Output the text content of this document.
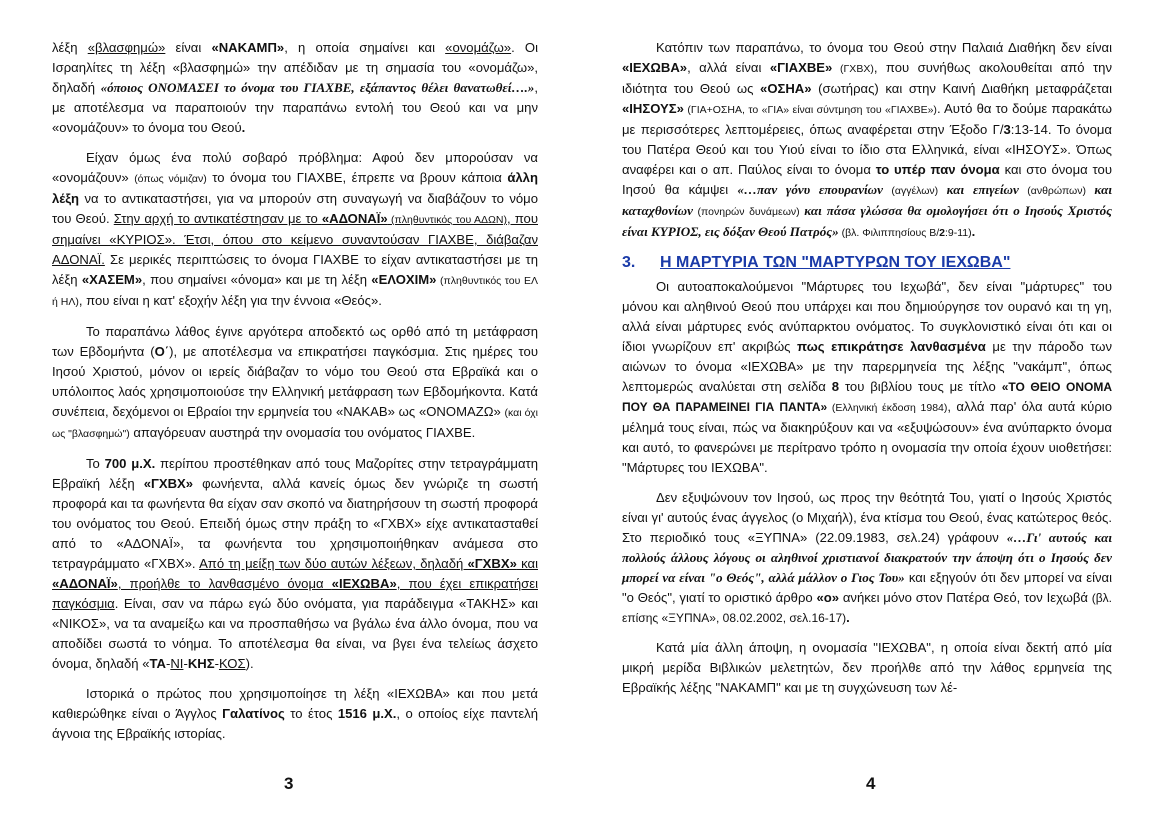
λέξη «βλασφημώ» είναι «ΝΑΚΑΜΠ», η οποία σημαίνει και «ονομάζω». Οι Ισραηλίτες τη λέξη «βλασφημώ» την απέδιδαν με τη σημασία του «ονομάζω», δηλαδή «όποιος ΟΝΟΜΑΣΕΙ το όνομα του ΓΙΑΧΒΕ, εξάπαντος θέλει θανατωθεί….», με αποτέλεσμα να παραποιούν την παραπάνω εντολή του Θεού και να μην «ονομάζουν» το όνομα του Θεού.

Είχαν όμως ένα πολύ σοβαρό πρόβλημα: Αφού δεν μπορούσαν να «ονομάζουν» (όπως νόμιζαν) το όνομα του ΓΙΑΧΒΕ, έπρεπε να βρουν κάποια άλλη λέξη να το αντικαταστήσει, για να μπορούν στη συναγωγή να διαβάζουν το νόμο του Θεού. Στην αρχή το αντικατέστησαν με το «ΑΔΟΝΑΪ» (πληθυντικός του ΑΔΩΝ), που σημαίνει «ΚΥΡΙΟΣ». Έτσι, όπου στο κείμενο συναντούσαν ΓΙΑΧΒΕ, διάβαζαν ΑΔΟΝΑΪ. Σε μερικές περιπτώσεις το όνομα ΓΙΑΧΒΕ το είχαν αντικαταστήσει με τη λέξη «ΧΑΣΕΜ», που σημαίνει «όνομα» και με τη λέξη «ΕΛΟΧΙΜ» (πληθυντικός του ΕΛ ή ΗΛ), που είναι η κατ' εξοχήν λέξη για την έννοια «Θεός».

Το παραπάνω λάθος έγινε αργότερα αποδεκτό ως ορθό από τη μετάφραση των Εβδομήντα (Ο΄), με αποτέλεσμα να επικρατήσει παγκόσμια. Στις ημέρες του Ιησού Χριστού, μόνον οι ιερείς διάβαζαν το νόμο του Θεού στα Εβραϊκά και ο υπόλοιπος λαός χρησιμοποιούσε την Ελληνική μετάφραση των Εβδομήκοντα. Κατά συνέπεια, δεχόμενοι οι Εβραίοι την ερμηνεία του «ΝΑΚΑΒ» ως «ΟΝΟΜΑΖΩ» (και όχι ως "βλασφημώ") απαγόρευαν αυστηρά την ονομασία του ονόματος ΓΙΑΧΒΕ.

Το 700 μ.Χ. περίπου προστέθηκαν από τους Μαζορίτες στην τετραγράμματη Εβραϊκή λέξη «ΓΧΒΧ» φωνήεντα, αλλά κανείς όμως δεν γνώριζε τη σωστή προφορά και τα φωνήεντα θα είχαν σαν σκοπό να διατηρήσουν τη σωστή προφορά του ονόματος του Θεού. Επειδή όμως στην πράξη το «ΓΧΒΧ» είχε αντικατασταθεί από το «ΑΔΟΝΑΪ», τα φωνήεντα του χρησιμοποιήθηκαν ανάμεσα στο τετραγράμματο «ΓΧΒΧ». Από τη μείξη των δύο αυτών λέξεων, δηλαδή «ΓΧΒΧ» και «ΑΔΟΝΑΪ», προήλθε το λανθασμένο όνομα «ΙΕΧΩΒΑ», που έχει επικρατήσει παγκόσμια. Είναι, σαν να πάρω εγώ δύο ονόματα, για παράδειγμα «ΤΑΚΗΣ» και «ΝΙΚΟΣ», να τα αναμείξω και να προσπαθήσω να βγάλω ένα άλλο όνομα, που να αποδίδει σωστά το νόημα. Το αποτέλεσμα θα είναι, να βγει ένα τελείως άσχετο όνομα, δηλαδή «ΤΑ-ΝΙ-ΚΗΣ-ΚΟΣ).

Ιστορικά ο πρώτος που χρησιμοποίησε τη λέξη «ΙΕΧΩΒΑ» και που μετά καθιερώθηκε είναι ο Άγγλος Γαλατίνος το έτος 1516 μ.Χ., ο οποίος είχε παντελή άγνοια της Εβραϊκής ιστορίας.

3

Κατόπιν των παραπάνω, το όνομα του Θεού στην Παλαιά Διαθήκη δεν είναι «ΙΕΧΩΒΑ», αλλά είναι «ΓΙΑΧΒΕ» (ΓΧΒΧ), που συνήθως ακολουθείται από την ιδιότητα του Θεού ως «ΟΣΗΑ» (σωτήρας) και στην Καινή Διαθήκη μεταφράζεται «ΙΗΣΟΥΣ» (ΓΙΑ+ΟΣΗΑ, το «ΓΙΑ» είναι σύντμηση του «ΓΙΑΧΒΕ»). Αυτό θα το δούμε παρακάτω με περισσότερες λεπτομέρειες, όπως αναφέρεται στην Έξοδο Γ/3:13-14. Το όνομα του Πατέρα Θεού και του Υιού είναι το ίδιο στα Ελληνικά, είναι «ΙΗΣΟΥΣ». Όπως αναφέρει και ο απ. Παύλος είναι το όνομα το υπέρ παν όνομα και στο όνομα του Ιησού θα κάμψει «…παν γόνυ επουρανίων (αγγέλων) και επιγείων (ανθρώπων) και καταχθονίων (πονηρών δυνάμεων) και πάσα γλώσσα θα ομολογήσει ότι ο Ιησούς Χριστός είναι ΚΥΡΙΟΣ, εις δόξαν Θεού Πατρός» (βλ. Φιλιππησίους Β/2:9-11).

3.	Η ΜΑΡΤΥΡΙΑ ΤΩΝ "ΜΑΡΤΥΡΩΝ ΤΟΥ ΙΕΧΩΒΑ"

Οι αυτοαποκαλούμενοι "Μάρτυρες του Ιεχωβά", δεν είναι "μάρτυρες" του μόνου και αληθινού Θεού που υπάρχει και που δημιούργησε τον ουρανό και τη γη, αλλά είναι μάρτυρες ενός ανύπαρκτου ονόματος. Το συγκλονιστικό είναι ότι και οι ίδιοι γνωρίζουν επ' ακριβώς πως επικράτησε λανθασμένα με την πάροδο των αιώνων το όνομα «ΙΕΧΩΒΑ» με την παρερμηνεία της λέξης "νακάμπ", όπως λεπτομερώς αναλύεται στη σελίδα 8 του βιβλίου τους με τίτλο «ΤΟ ΘΕΙΟ ΟΝΟΜΑ ΠΟΥ ΘΑ ΠΑΡΑΜΕΙΝΕΙ ΓΙΑ ΠΑΝΤΑ» (Ελληνική έκδοση 1984), αλλά παρ' όλα αυτά κύριο μέλημά τους είναι, πώς να διακηρύξουν και να «εξυψώσουν» ένα ανύπαρκτο όνομα και αυτό, το φανερώνει με περίτρανο τρόπο η ονομασία την οποία έχουν υιοθετήσει: "Μάρτυρες του ΙΕΧΩΒΑ".

Δεν εξυψώνουν τον Ιησού, ως προς την θεότητά Του, γιατί ο Ιησούς Χριστός είναι γι' αυτούς ένας άγγελος (ο Μιχαήλ), ένα κτίσμα του Θεού, ένας κατώτερος θεός. Στο περιοδικό τους «ΞΥΠΝΑ» (22.09.1983, σελ.24) γράφουν «…Γι' αυτούς και πολλούς άλλους λόγους οι αληθινοί χριστιανοί διακρατούν την άποψη ότι ο Ιησούς δεν μπορεί να είναι "ο Θεός", αλλά μάλλον ο Γιος Του» και εξηγούν ότι δεν μπορεί να είναι "ο Θεός", γιατί το οριστικό άρθρο «ο» ανήκει μόνο στον Πατέρα Θεό, τον Ιεχωβά (βλ. επίσης «ΞΥΠΝΑ», 08.02.2002, σελ.16-17).

Κατά μία άλλη άποψη, η ονομασία "ΙΕΧΩΒΑ", η οποία είναι δεκτή από μία μικρή μερίδα Βιβλικών μελετητών, δεν προήλθε από την λάθος ερμηνεία της Εβραϊκής λέξης "ΝΑΚΑΜΠ" και με τη συγχώνευση των λέ-

4
